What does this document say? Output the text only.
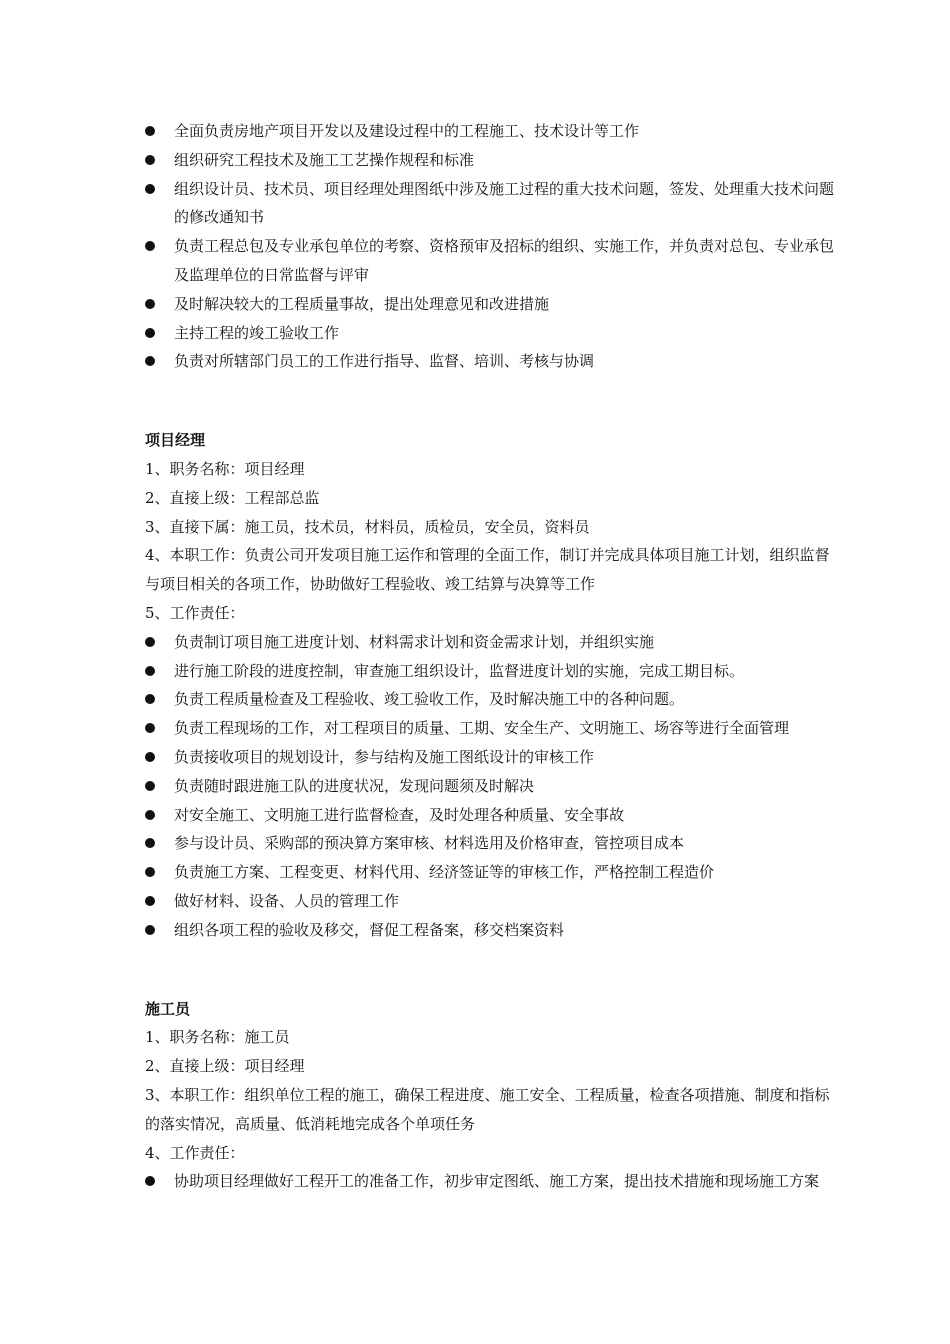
全面负责房地产项目开发以及建设过程中的工程施工、技术设计等工作
组织研究工程技术及施工工艺操作规程和标准
组织设计员、技术员、项目经理处理图纸中涉及施工过程的重大技术问题，签发、处理重大技术问题的修改通知书
负责工程总包及专业承包单位的考察、资格预审及招标的组织、实施工作，并负责对总包、专业承包及监理单位的日常监督与评审
及时解决较大的工程质量事故，提出处理意见和改进措施
主持工程的竣工验收工作
负责对所辖部门员工的工作进行指导、监督、培训、考核与协调
项目经理
1、职务名称：项目经理
2、直接上级：工程部总监
3、直接下属：施工员，技术员，材料员，质检员，安全员，资料员
4、本职工作：负责公司开发项目施工运作和管理的全面工作，制订并完成具体项目施工计划，组织监督与项目相关的各项工作，协助做好工程验收、竣工结算与决算等工作
5、工作责任：
负责制订项目施工进度计划、材料需求计划和资金需求计划，并组织实施
进行施工阶段的进度控制，审查施工组织设计，监督进度计划的实施，完成工期目标。
负责工程质量检查及工程验收、竣工验收工作，及时解决施工中的各种问题。
负责工程现场的工作，对工程项目的质量、工期、安全生产、文明施工、场容等进行全面管理
负责接收项目的规划设计，参与结构及施工图纸设计的审核工作
负责随时跟进施工队的进度状况，发现问题须及时解决
对安全施工、文明施工进行监督检查，及时处理各种质量、安全事故
参与设计员、采购部的预决算方案审核、材料选用及价格审查，管控项目成本
负责施工方案、工程变更、材料代用、经济签证等的审核工作，严格控制工程造价
做好材料、设备、人员的管理工作
组织各项工程的验收及移交，督促工程备案，移交档案资料
施工员
1、职务名称：施工员
2、直接上级：项目经理
3、本职工作：组织单位工程的施工，确保工程进度、施工安全、工程质量，检查各项措施、制度和指标的落实情况，高质量、低消耗地完成各个单项任务
4、工作责任：
协助项目经理做好工程开工的准备工作，初步审定图纸、施工方案，提出技术措施和现场施工方案
